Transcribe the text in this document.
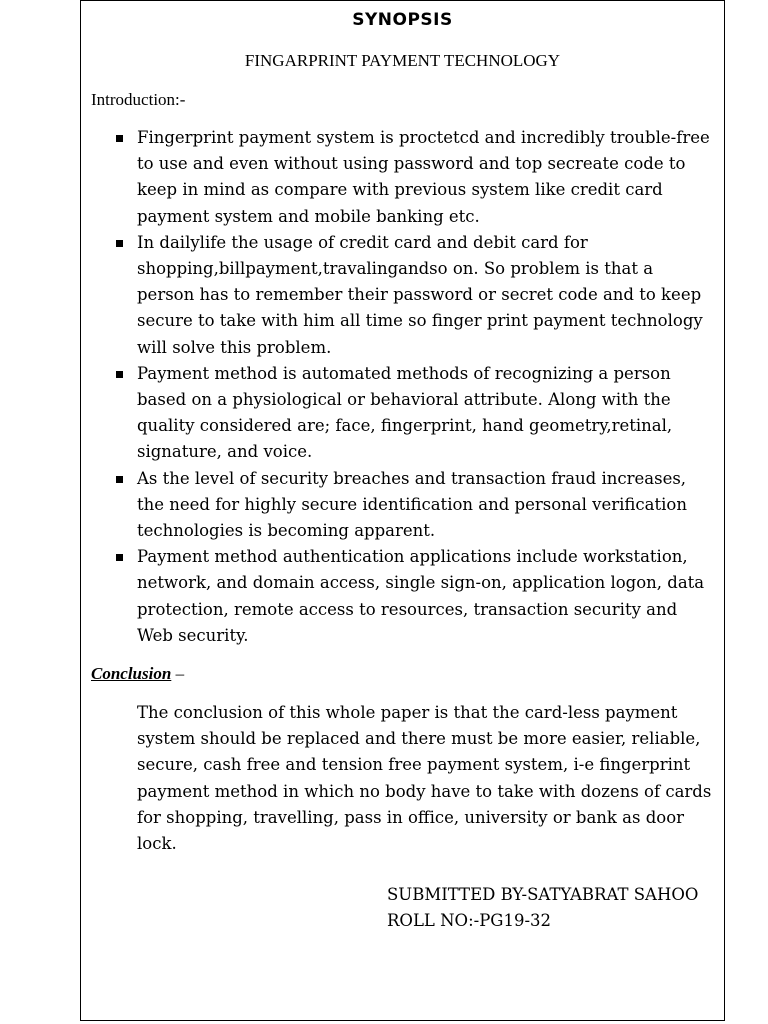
SYNOPSIS
FINGARPRINT PAYMENT TECHNOLOGY
Introduction:-
Fingerprint payment system is proctetcd and incredibly trouble-free to use and even without using password and top secreate code to keep in mind as compare with previous system like credit card payment system and mobile banking etc.
In dailylife the usage of credit card and debit card for shopping,billpayment,travalingandso on. So problem is that a person has to remember their password or secret code and to keep secure to take with him all time so finger print payment technology will solve this problem.
Payment method is automated methods of recognizing a person based on a physiological or behavioral attribute. Along with the quality considered are; face, fingerprint, hand geometry,retinal, signature, and voice.
As the level of security breaches and transaction fraud increases, the need for highly secure identification and personal verification technologies is becoming apparent.
Payment method authentication applications include workstation, network, and domain access, single sign-on, application logon, data protection, remote access to resources, transaction security and Web security.
Conclusion –
The conclusion of this whole paper is that the card-less payment system should be replaced and there must be more easier, reliable, secure, cash free and tension free payment system, i-e fingerprint payment method in which no body have to take with dozens of cards for shopping, travelling, pass in office, university or bank as door lock.
SUBMITTED BY-SATYABRAT SAHOO
ROLL NO:-PG19-32
